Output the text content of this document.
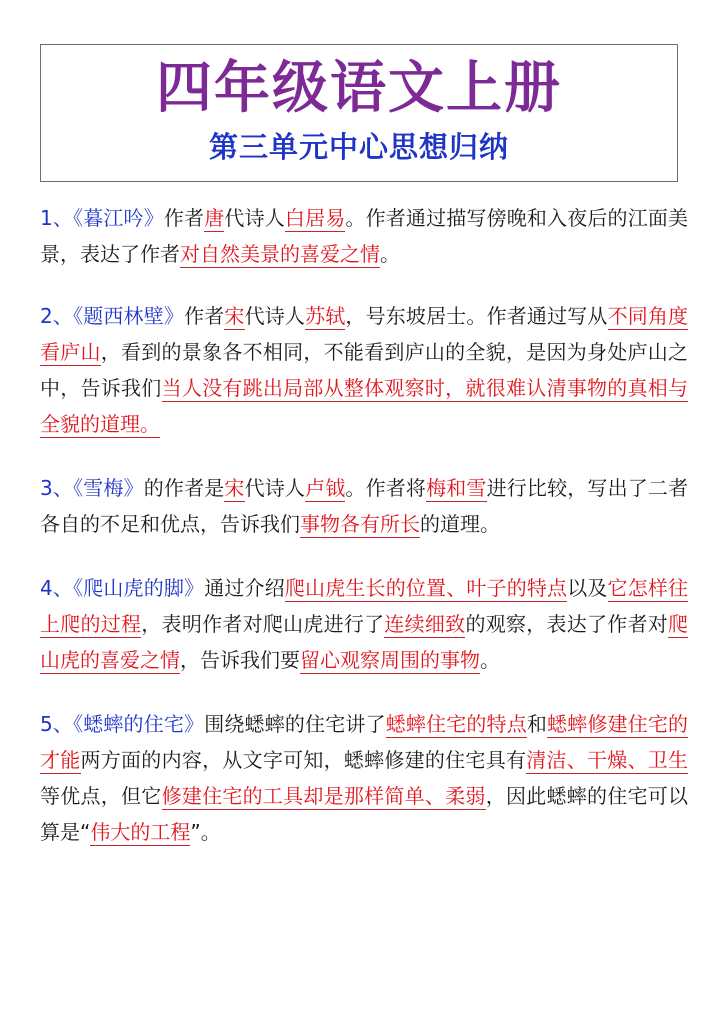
四年级语文上册
第三单元中心思想归纳

1、《暮江吟》作者唐代诗人白居易。作者通过描写傍晚和入夜后的江面美景，表达了作者对自然美景的喜爱之情。

2、《题西林壁》作者宋代诗人苏轼，号东坡居士。作者通过写从不同角度看庐山，看到的景象各不相同，不能看到庐山的全貌，是因为身处庐山之中，告诉我们当人没有跳出局部从整体观察时，就很难认清事物的真相与全貌的道理。

3、《雪梅》的作者是宋代诗人卢钺。作者将梅和雪进行比较，写出了二者各自的不足和优点，告诉我们事物各有所长的道理。

4、《爬山虎的脚》通过介绍爬山虎生长的位置、叶子的特点以及它怎样往上爬的过程，表明作者对爬山虎进行了连续细致的观察，表达了作者对爬山虎的喜爱之情，告诉我们要留心观察周围的事物。

5、《蟋蟀的住宅》围绕蟋蟀的住宅讲了蟋蟀住宅的特点和蟋蟀修建住宅的才能两方面的内容，从文字可知，蟋蟀修建的住宅具有清洁、干燥、卫生等优点，但它修建住宅的工具却是那样简单、柔弱，因此蟋蟀的住宅可以算是“伟大的工程”。
